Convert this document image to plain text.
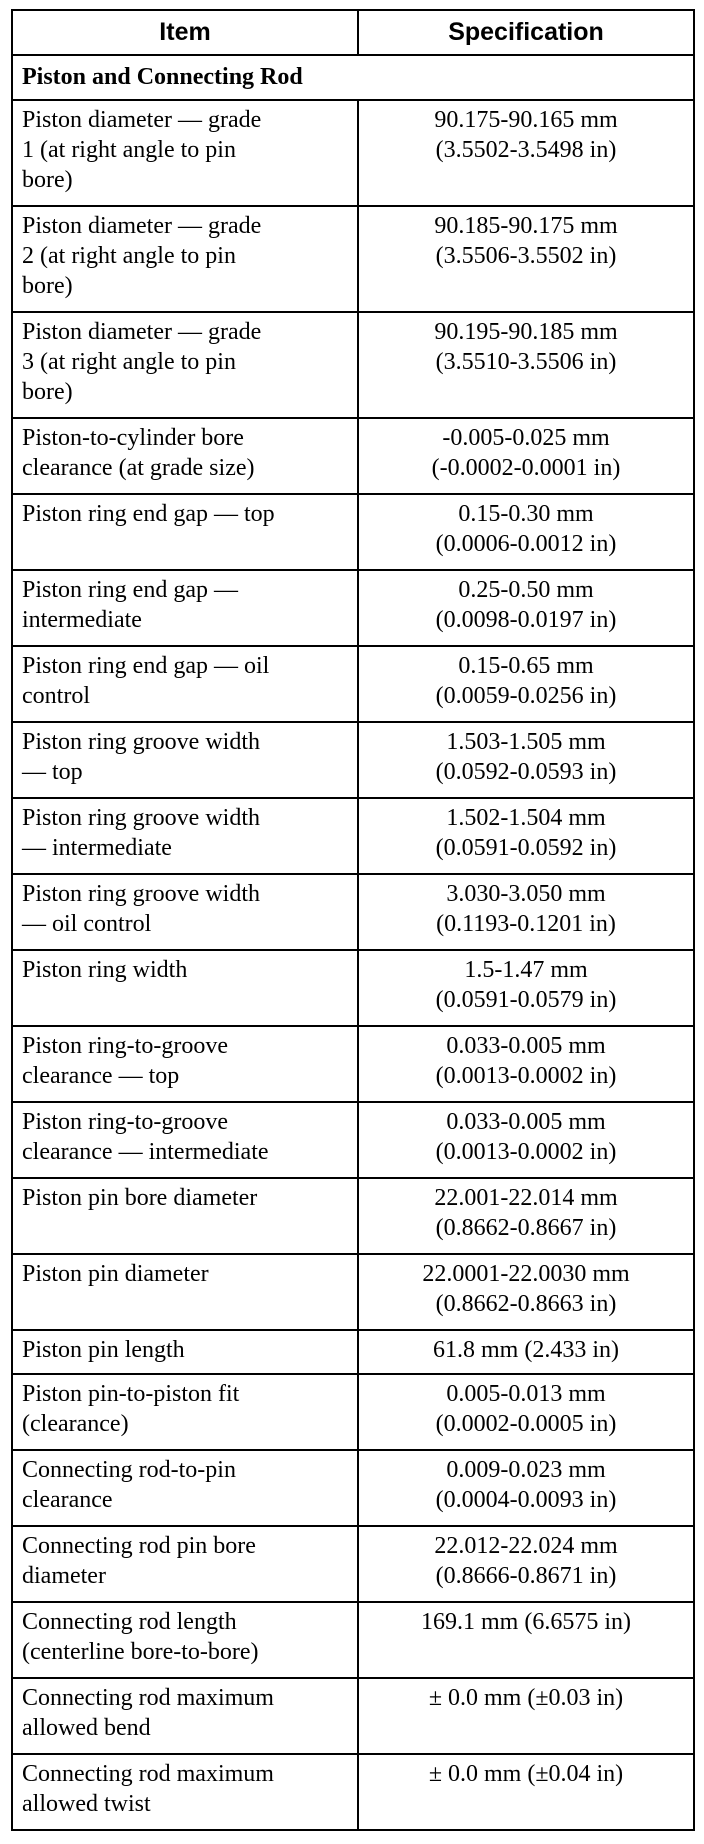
Item	Specification
Piston and Connecting Rod	

Piston diameter — grade
1 (at right angle to pin
bore)	90.175-90.165 mm
(3.5502-3.5498 in)

Piston diameter — grade
2 (at right angle to pin
bore)	90.185-90.175 mm
(3.5506-3.5502 in)

Piston diameter — grade
3 (at right angle to pin
bore)	90.195-90.185 mm
(3.5510-3.5506 in)

Piston-to-cylinder bore
clearance (at grade size)	-0.005-0.025 mm
(-0.0002-0.0001 in)

Piston ring end gap — top	0.15-0.30 mm
(0.0006-0.0012 in)

Piston ring end gap —
intermediate	0.25-0.50 mm
(0.0098-0.0197 in)

Piston ring end gap — oil
control	0.15-0.65 mm
(0.0059-0.0256 in)

Piston ring groove width
— top	1.503-1.505 mm
(0.0592-0.0593 in)

Piston ring groove width
— intermediate	1.502-1.504 mm
(0.0591-0.0592 in)

Piston ring groove width
— oil control	3.030-3.050 mm
(0.1193-0.1201 in)

Piston ring width	1.5-1.47 mm
(0.0591-0.0579 in)

Piston ring-to-groove
clearance — top	0.033-0.005 mm
(0.0013-0.0002 in)

Piston ring-to-groove
clearance — intermediate	0.033-0.005 mm
(0.0013-0.0002 in)

Piston pin bore diameter	22.001-22.014 mm
(0.8662-0.8667 in)

Piston pin diameter	22.0001-22.0030 mm
(0.8662-0.8663 in)

Piston pin length	61.8 mm (2.433 in)

Piston pin-to-piston fit
(clearance)	0.005-0.013 mm
(0.0002-0.0005 in)

Connecting rod-to-pin
clearance	0.009-0.023 mm
(0.0004-0.0093 in)

Connecting rod pin bore
diameter	22.012-22.024 mm
(0.8666-0.8671 in)

Connecting rod length
(centerline bore-to-bore)	169.1 mm (6.6575 in)

Connecting rod maximum
allowed bend	± 0.0 mm (±0.03 in)

Connecting rod maximum
allowed twist	± 0.0 mm (±0.04 in)
